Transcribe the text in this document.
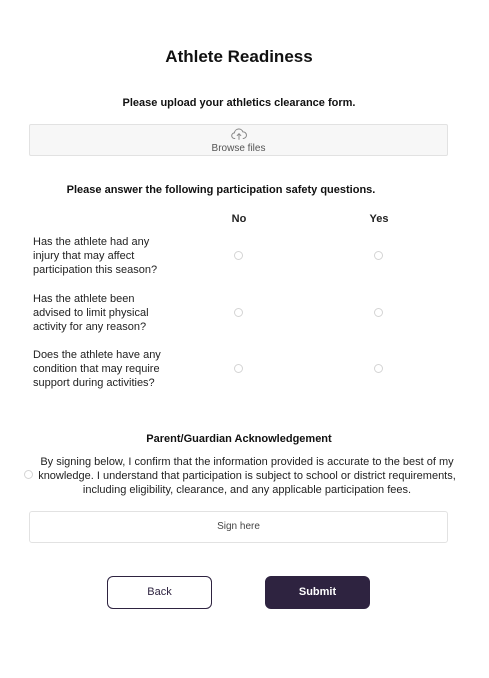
Athlete Readiness
Please upload your athletics clearance form.
Browse files
Please answer the following participation safety questions.
No	Yes
Has the athlete had any injury that may affect participation this season?
Has the athlete been advised to limit physical activity for any reason?
Does the athlete have any condition that may require support during activities?
Parent/Guardian Acknowledgement
By signing below, I confirm that the information provided is accurate to the best of my knowledge. I understand that participation is subject to school or district requirements, including eligibility, clearance, and any applicable participation fees.
Sign here
Back	Submit
